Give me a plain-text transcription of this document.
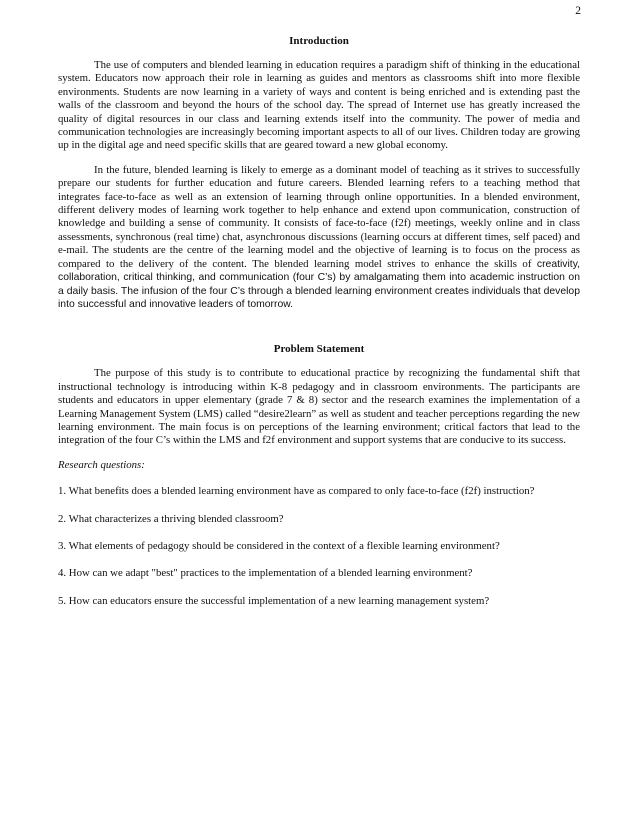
2
Introduction

The use of computers and blended learning in education requires a paradigm shift of thinking in the educational system. Educators now approach their role in learning as guides and mentors as classrooms shift into more flexible environments. Students are now learning in a variety of ways and content is being enriched and is extending past the walls of the classroom and beyond the hours of the school day. The spread of Internet use has greatly increased the quality of digital resources in our class and learning extends itself into the community. The power of media and communication technologies are increasingly becoming important aspects to all of our lives. Children today are growing up in the digital age and need specific skills that are geared toward a new global economy.

In the future, blended learning is likely to emerge as a dominant model of teaching as it strives to successfully prepare our students for further education and future careers. Blended learning refers to a teaching method that integrates face-to-face as well as an extension of learning through online opportunities. In a blended environment, different delivery modes of learning work together to help enhance and extend upon communication, construction of knowledge and building a sense of community. It consists of face-to-face (f2f) meetings, weekly online and in class assessments, synchronous (real time) chat, asynchronous discussions (learning occurs at different times, self paced) and e-mail. The students are the centre of the learning model and the objective of learning is to focus on the process as compared to the delivery of the content. The blended learning model strives to enhance the skills of creativity, collaboration, critical thinking, and communication (four C’s) by amalgamating them into academic instruction on a daily basis. The infusion of the four C’s through a blended learning environment creates individuals that develop into successful and innovative leaders of tomorrow.

Problem Statement

The purpose of this study is to contribute to educational practice by recognizing the fundamental shift that instructional technology is introducing within K-8 pedagogy and in classroom environments. The participants are students and educators in upper elementary (grade 7 & 8) sector and the research examines the implementation of a Learning Management System (LMS) called “desire2learn” as well as student and teacher perceptions regarding the new learning environment. The main focus is on perceptions of the learning environment; critical factors that lead to the integration of the four C’s within the LMS and f2f environment and support systems that are conducive to its success.

Research questions:
1. What benefits does a blended learning environment have as compared to only face-to-face (f2f) instruction?
2. What characterizes a thriving blended classroom?
3. What elements of pedagogy should be considered in the context of a flexible learning environment?
4. How can we adapt "best" practices to the implementation of a blended learning environment?
5. How can educators ensure the successful implementation of a new learning management system?
